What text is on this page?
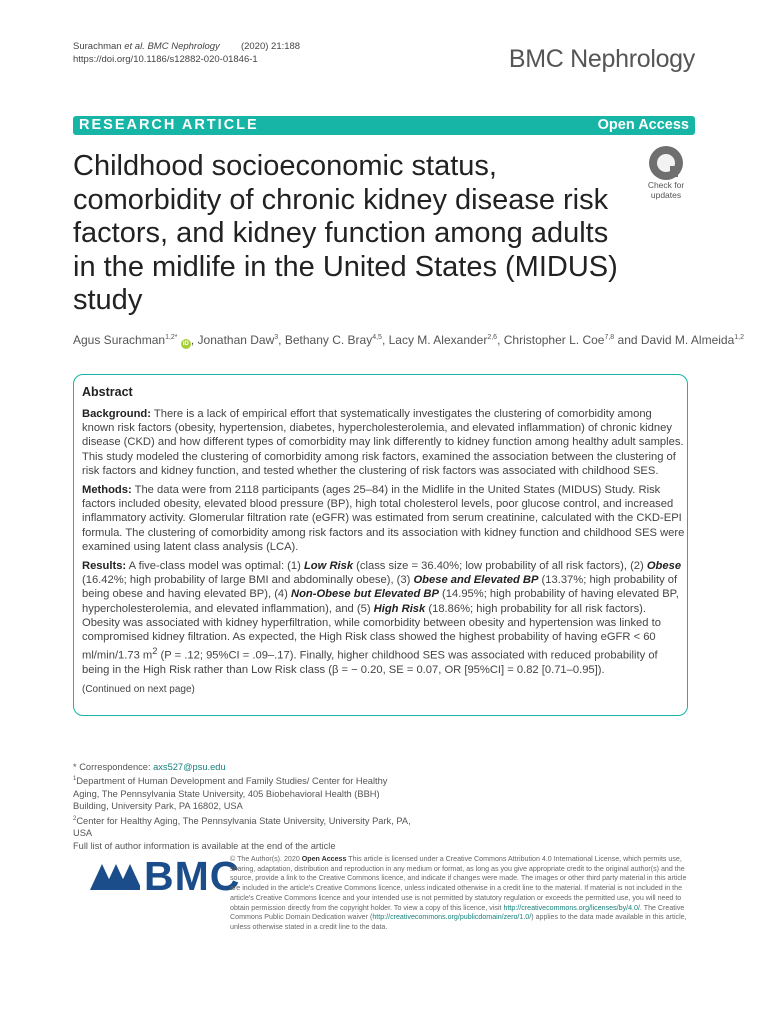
Surachman et al. BMC Nephrology (2020) 21:188
https://doi.org/10.1186/s12882-020-01846-1	BMC Nephrology
RESEARCH ARTICLE	Open Access
Childhood socioeconomic status, comorbidity of chronic kidney disease risk factors, and kidney function among adults in the midlife in the United States (MIDUS) study
Check for
updates
Agus Surachman$^{1,2*}$ iD , Jonathan Daw$^3$, Bethany C. Bray$^{4,5}$, Lacy M. Alexander$^{2,6}$, Christopher L. Coe$^{7,8}$ and David M. Almeida$^{1,2}$
Abstract

Background: There is a lack of empirical effort that systematically investigates the clustering of comorbidity among known risk factors (obesity, hypertension, diabetes, hypercholesterolemia, and elevated inflammation) of chronic kidney disease (CKD) and how different types of comorbidity may link differently to kidney function among healthy adult samples. This study modeled the clustering of comorbidity among risk factors, examined the association between the clustering of risk factors and kidney function, and tested whether the clustering of risk factors was associated with childhood SES.

Methods: The data were from 2118 participants (ages 25–84) in the Midlife in the United States (MIDUS) Study. Risk factors included obesity, elevated blood pressure (BP), high total cholesterol levels, poor glucose control, and increased inflammatory activity. Glomerular filtration rate (eGFR) was estimated from serum creatinine, calculated with the CKD-EPI formula. The clustering of comorbidity among risk factors and its association with kidney function and childhood SES were examined using latent class analysis (LCA).

Results: A five-class model was optimal: (1) Low Risk (class size = 36.40%; low probability of all risk factors), (2) Obese (16.42%; high probability of large BMI and abdominally obese), (3) Obese and Elevated BP (13.37%; high probability of being obese and having elevated BP), (4) Non-Obese but Elevated BP (14.95%; high probability of having elevated BP, hypercholesterolemia, and elevated inflammation), and (5) High Risk (18.86%; high probability for all risk factors). Obesity was associated with kidney hyperfiltration, while comorbidity between obesity and hypertension was linked to compromised kidney filtration. As expected, the High Risk class showed the highest probability of having eGFR < 60 ml/min/1.73 $m^2$ (P = .12; 95%CI = .09–.17). Finally, higher childhood SES was associated with reduced probability of being in the High Risk rather than Low Risk class (β = − 0.20, SE = 0.07, OR [95%CI] = 0.82 [0.71–0.95]).

(Continued on next page)
* Correspondence: axs527@psu.edu
$^1$Department of Human Development and Family Studies/ Center for Healthy Aging, The Pennsylvania State University, 405 Biobehavioral Health (BBH) Building, University Park, PA 16802, USA
$^2$Center for Healthy Aging, The Pennsylvania State University, University Park, PA, USA
Full list of author information is available at the end of the article
BMC
© The Author(s). 2020 Open Access This article is licensed under a Creative Commons Attribution 4.0 International License, which permits use, sharing, adaptation, distribution and reproduction in any medium or format, as long as you give appropriate credit to the original author(s) and the source, provide a link to the Creative Commons licence, and indicate if changes were made. The images or other third party material in this article are included in the article's Creative Commons licence, unless indicated otherwise in a credit line to the material. If material is not included in the article's Creative Commons licence and your intended use is not permitted by statutory regulation or exceeds the permitted use, you will need to obtain permission directly from the copyright holder. To view a copy of this licence, visit http://creativecommons.org/licenses/by/4.0/. The Creative Commons Public Domain Dedication waiver (http://creativecommons.org/publicdomain/zero/1.0/) applies to the data made available in this article, unless otherwise stated in a credit line to the data.
